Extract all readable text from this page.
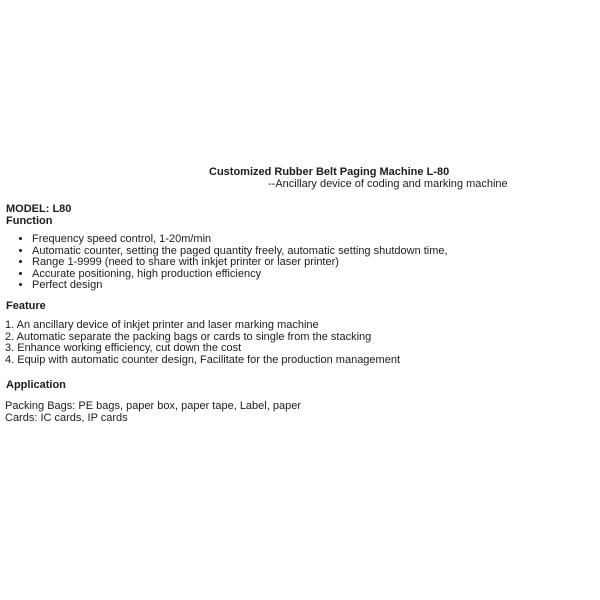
Customized Rubber Belt Paging Machine L-80
--Ancillary device of coding and marking machine
MODEL: L80
Function
• Frequency speed control, 1-20m/min
• Automatic counter, setting the paged quantity freely, automatic setting shutdown time,
• Range 1-9999 (need to share with inkjet printer or laser printer)
• Accurate positioning, high production efficiency
• Perfect design
Feature
1. An ancillary device of inkjet printer and laser marking machine
2. Automatic separate the packing bags or cards to single from the stacking
3. Enhance working efficiency, cut down the cost
4. Equip with automatic counter design, Facilitate for the production management
Application
Packing Bags: PE bags, paper box, paper tape, Label, paper
Cards: IC cards, IP cards
